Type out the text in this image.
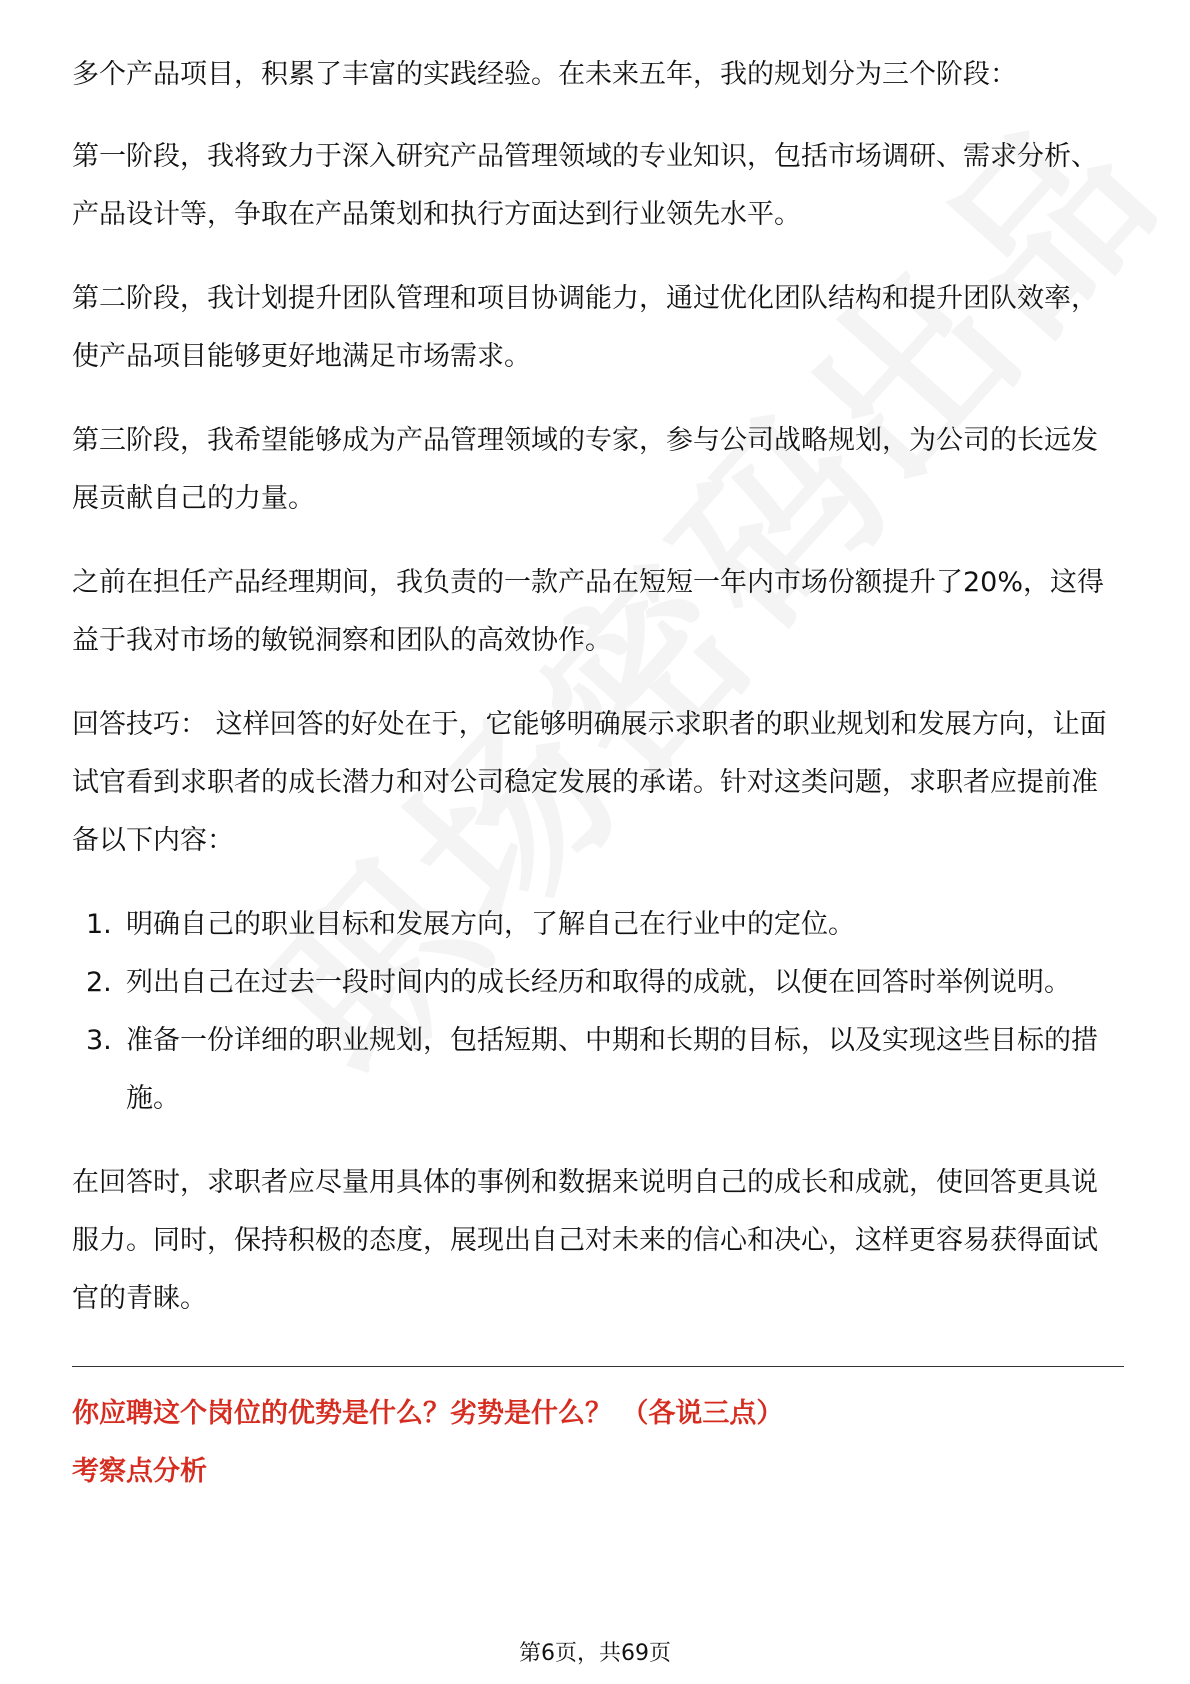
多个产品项目，积累了丰富的实践经验。在未来五年，我的规划分为三个阶段：

第一阶段，我将致力于深入研究产品管理领域的专业知识，包括市场调研、需求分析、产品设计等，争取在产品策划和执行方面达到行业领先水平。

第二阶段，我计划提升团队管理和项目协调能力，通过优化团队结构和提升团队效率，使产品项目能够更好地满足市场需求。

第三阶段，我希望能够成为产品管理领域的专家，参与公司战略规划，为公司的长远发展贡献自己的力量。

之前在担任产品经理期间，我负责的一款产品在短短一年内市场份额提升了20%，这得益于我对市场的敏锐洞察和团队的高效协作。

回答技巧： 这样回答的好处在于，它能够明确展示求职者的职业规划和发展方向，让面试官看到求职者的成长潜力和对公司稳定发展的承诺。针对这类问题，求职者应提前准备以下内容：

1. 明确自己的职业目标和发展方向，了解自己在行业中的定位。
2. 列出自己在过去一段时间内的成长经历和取得的成就，以便在回答时举例说明。
3. 准备一份详细的职业规划，包括短期、中期和长期的目标，以及实现这些目标的措施。

在回答时，求职者应尽量用具体的事例和数据来说明自己的成长和成就，使回答更具说服力。同时，保持积极的态度，展现出自己对未来的信心和决心，这样更容易获得面试官的青睐。

你应聘这个岗位的优势是什么？劣势是什么？ （各说三点）

考察点分析

第6页，共69页
